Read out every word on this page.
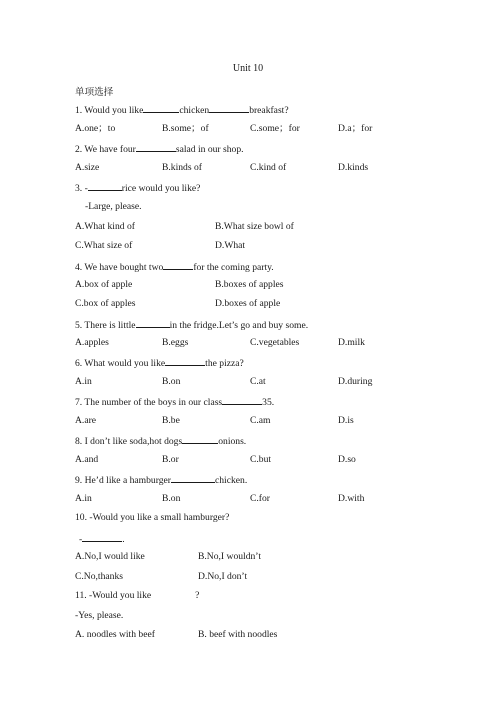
Unit 10
单项选择
1. Would you like	chicken	breakfast?
A.one；to	B.some；of	C.some；for	D.a；for
2. We have four	salad in our shop.
A.size	B.kinds of	C.kind of	D.kinds
3. -	rice would you like?
-Large, please.
A.What kind of	B.What size bowl of
C.What size of	D.What
4. We have bought two	for the coming party.
A.box of apple	B.boxes of apples
C.box of apples	D.boxes of apple
5. There is little	in the fridge.Let’s go and buy some.
A.apples	B.eggs	C.vegetables	D.milk
6. What would you like	the pizza?
A.in	B.on	C.at	D.during
7. The number of the boys in our class	35.
A.are	B.be	C.am	D.is
8. I don’t like soda,hot dogs	onions.
A.and	B.or	C.but	D.so
9. He’d like a hamburger	chicken.
A.in	B.on	C.for	D.with
10. -Would you like a small hamburger?
-	.
A.No,I would like	B.No,I wouldn’t
C.No,thanks	D.No,I don’t
11. -Would you like	?
-Yes, please.
A. noodles with beef	B. beef with noodles
